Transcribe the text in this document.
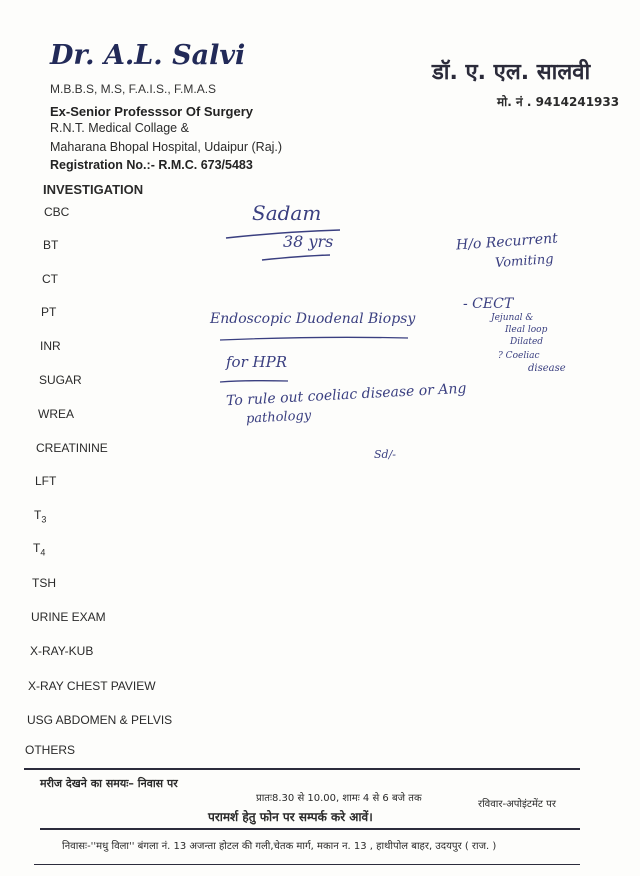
Dr. A.L. Salvi
M.B.B.S, M.S, F.A.I.S., F.M.A.S
Ex-Senior Professsor Of Surgery
R.N.T. Medical Collage &
Maharana Bhopal Hospital, Udaipur (Raj.)
Registration No.:- R.M.C. 673/5483
डॉ. ए. एल. सालवी
मो. नं . 9414241933
INVESTIGATION
CBC
BT
CT
PT
INR
SUGAR
WREA
CREATININE
LFT
$T_3$
$T_4$
TSH
URINE EXAM
X-RAY-KUB
X-RAY CHEST PAVIEW
USG ABDOMEN & PELVIS
OTHERS
Sadam
38 yrs	H/o Recurrent
Vomiting
- CECT
Jejunal &
Ileal loop
Dilated
? Coeliac
disease
Endoscopic Duodenal Biopsy
for HPR
To rule out coeliac disease or Ang
pathology
Sd/-
मरीज देखने का समयः– निवास पर
प्रातः8.30 से 10.00, शामः 4 से 6 बजे तक
रविवार-अपोइंटमेंट पर
परामर्श हेतु फोन पर सम्पर्क करे आवें।
निवासः-''मधु विला'' बंगला नं. 13 अजन्ता होटल की गली,चेतक मार्ग, मकान न. 13 , हाथीपोल बाहर, उदयपुर ( राज. )
